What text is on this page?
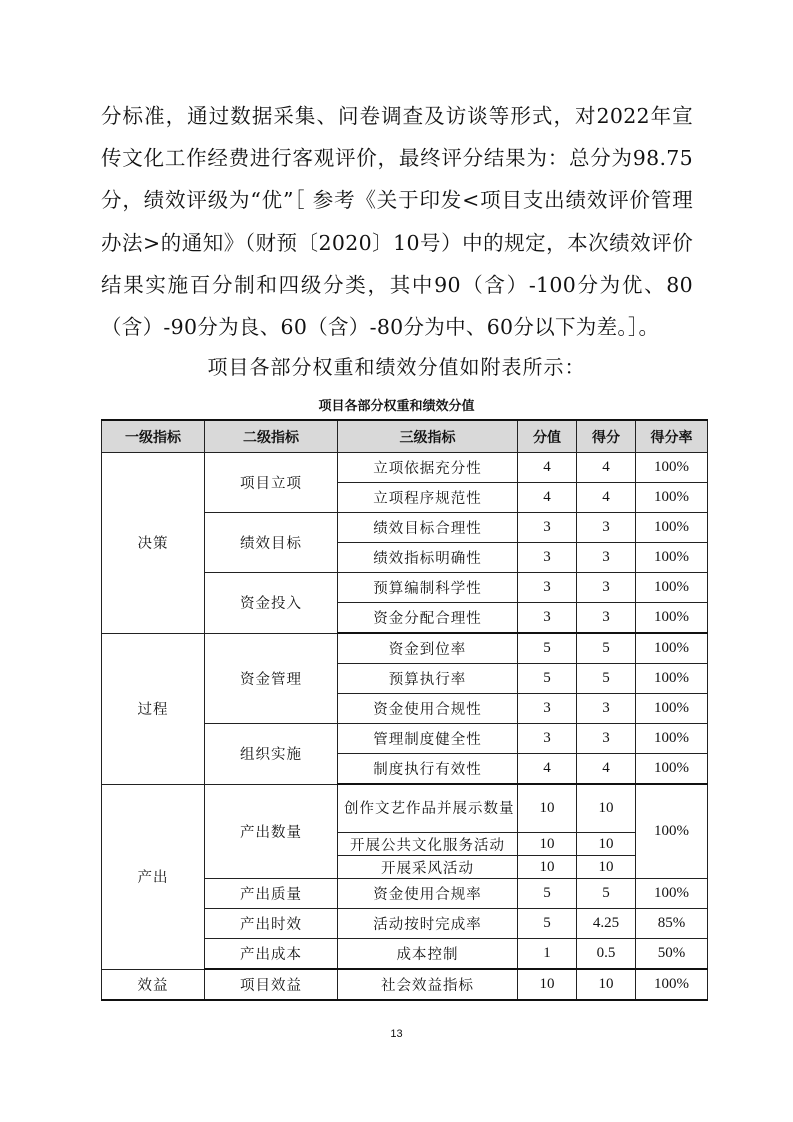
分标准，通过数据采集、问卷调查及访谈等形式，对2022年宣传文化工作经费进行客观评价，最终评分结果为：总分为98.75分，绩效评级为“优”［ 参考《关于印发<项目支出绩效评价管理办法>的通知》（财预〔2020〕10号）中的规定，本次绩效评价结果实施百分制和四级分类，其中90（含）-100分为优、80（含）-90分为良、60（含）-80分为中、60分以下为差。］。

项目各部分权重和绩效分值如附表所示：

项目各部分权重和绩效分值

一级指标	二级指标	三级指标	分值	得分	得分率
决策	项目立项	立项依据充分性	4	4	100%
		立项程序规范性	4	4	100%
	绩效目标	绩效目标合理性	3	3	100%
		绩效指标明确性	3	3	100%
	资金投入	预算编制科学性	3	3	100%
		资金分配合理性	3	3	100%
过程	资金管理	资金到位率	5	5	100%
		预算执行率	5	5	100%
		资金使用合规性	3	3	100%
	组织实施	管理制度健全性	3	3	100%
		制度执行有效性	4	4	100%
产出	产出数量	创作文艺作品并展示数量	10	10	100%
		开展公共文化服务活动	10	10	
		开展采风活动	10	10	
	产出质量	资金使用合规率	5	5	100%
	产出时效	活动按时完成率	5	4.25	85%
	产出成本	成本控制	1	0.5	50%
效益	项目效益	社会效益指标	10	10	100%

13
